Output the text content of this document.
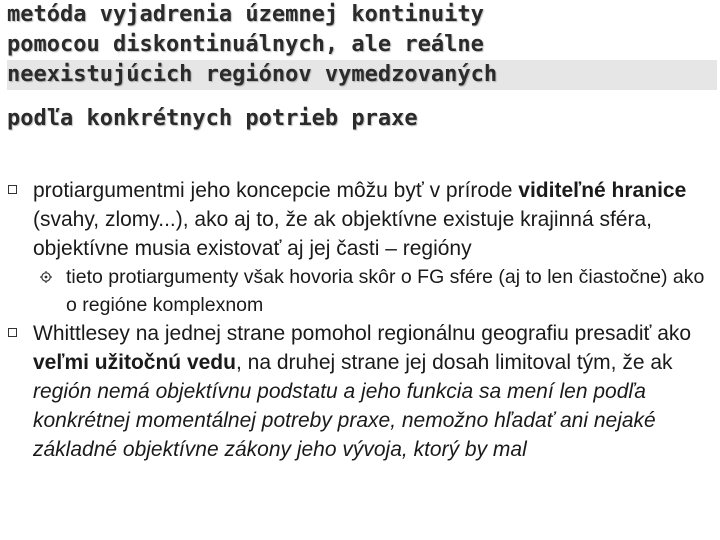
metóda vyjadrenia územnej kontinuity
pomocou diskontinuálnych, ale reálne
neexistujúcich regiónov vymedzovaných
podľa konkrétnych potrieb praxe
protiargumentmi jeho koncepcie môžu byť v prírode viditeľné hranice (svahy, zlomy...), ako aj to, že ak objektívne existuje krajinná sféra, objektívne musia existovať aj jej časti – regióny
tieto protiargumenty však hovoria skôr o FG sfére (aj to len čiastočne) ako o regióne komplexnom
Whittlesey na jednej strane pomohol regionálnu geografiu presadiť ako veľmi užitočnú vedu, na druhej strane jej dosah limitoval tým, že ak región nemá objektívnu podstatu a jeho funkcia sa mení len podľa konkrétnej momentálnej potreby praxe, nemožno hľadať ani nejaké základné objektívne zákony jeho vývoja, ktorý by mal
